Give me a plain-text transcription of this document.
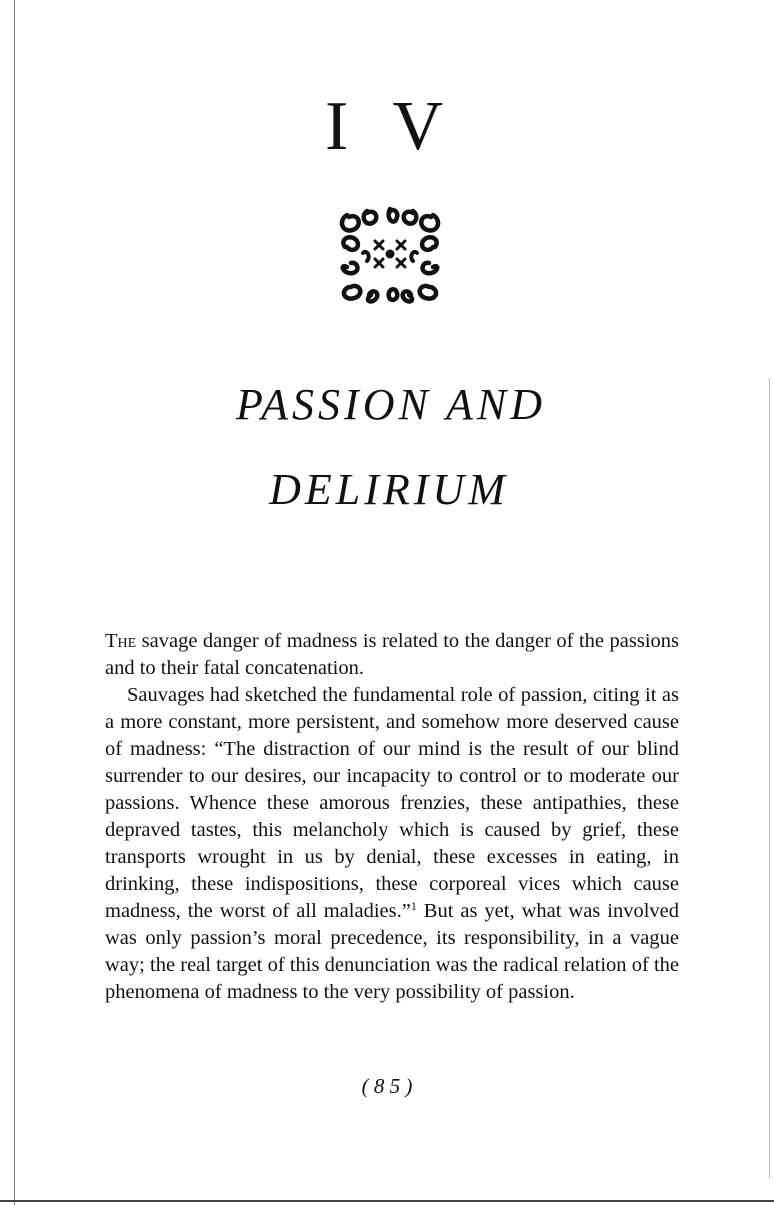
I V
PASSION AND
DELIRIUM

The savage danger of madness is related to the danger of the passions and to their fatal concatenation.

Sauvages had sketched the fundamental role of passion, citing it as a more constant, more persistent, and somehow more deserved cause of madness: “The distraction of our mind is the result of our blind surrender to our desires, our incapacity to control or to moderate our passions. Whence these amorous frenzies, these antipathies, these depraved tastes, this melancholy which is caused by grief, these transports wrought in us by denial, these excesses in eating, in drinking, these indispositions, these corporeal vices which cause madness, the worst of all maladies.”$^1$ But as yet, what was involved was only passion’s moral precedence, its responsibility, in a vague way; the real target of this denunciation was the radical relation of the phenomena of madness to the very possibility of passion.

( 8 5 )
